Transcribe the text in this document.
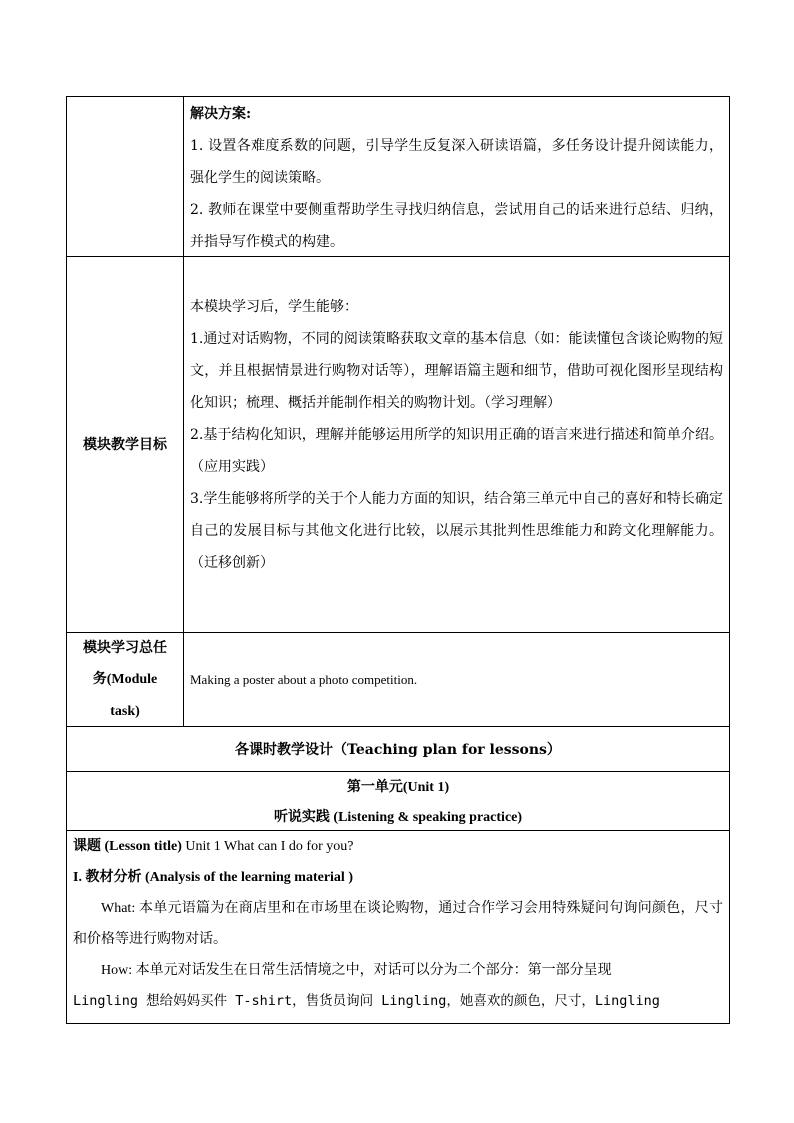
解决方案:

1. 设置各难度系数的问题，引导学生反复深入研读语篇，多任务设计提升阅读能力，强化学生的阅读策略。

2. 教师在课堂中要侧重帮助学生寻找归纳信息，尝试用自己的话来进行总结、归纳，并指导写作模式的构建。

模块教学目标

本模块学习后，学生能够：

1.通过对话购物，不同的阅读策略获取文章的基本信息（如：能读懂包含谈论购物的短文，并且根据情景进行购物对话等），理解语篇主题和细节，借助可视化图形呈现结构化知识；梳理、概括并能制作相关的购物计划。（学习理解）

2.基于结构化知识，理解并能够运用所学的知识用正确的语言来进行描述和简单介绍。（应用实践）

3.学生能够将所学的关于个人能力方面的知识，结合第三单元中自己的喜好和特长确定自己的发展目标与其他文化进行比较，以展示其批判性思维能力和跨文化理解能力。（迁移创新）

模块学习总任
务(Module
task)
Making a poster about a photo competition.
各课时教学设计（Teaching plan for lessons）
第一单元(Unit 1)
听说实践 (Listening & speaking practice)

课题 (Lesson title) Unit 1 What can I do for you?

I. 教材分析 (Analysis of the learning material )

What: 本单元语篇为在商店里和在市场里在谈论购物，通过合作学习会用特殊疑问句询问颜色，尺寸和价格等进行购物对话。

How: 本单元对话发生在日常生活情境之中，对话可以分为二个部分：第一部分呈现

Lingling 想给妈妈买件 T-shirt，售货员询问 Lingling，她喜欢的颜色，尺寸，Lingling
